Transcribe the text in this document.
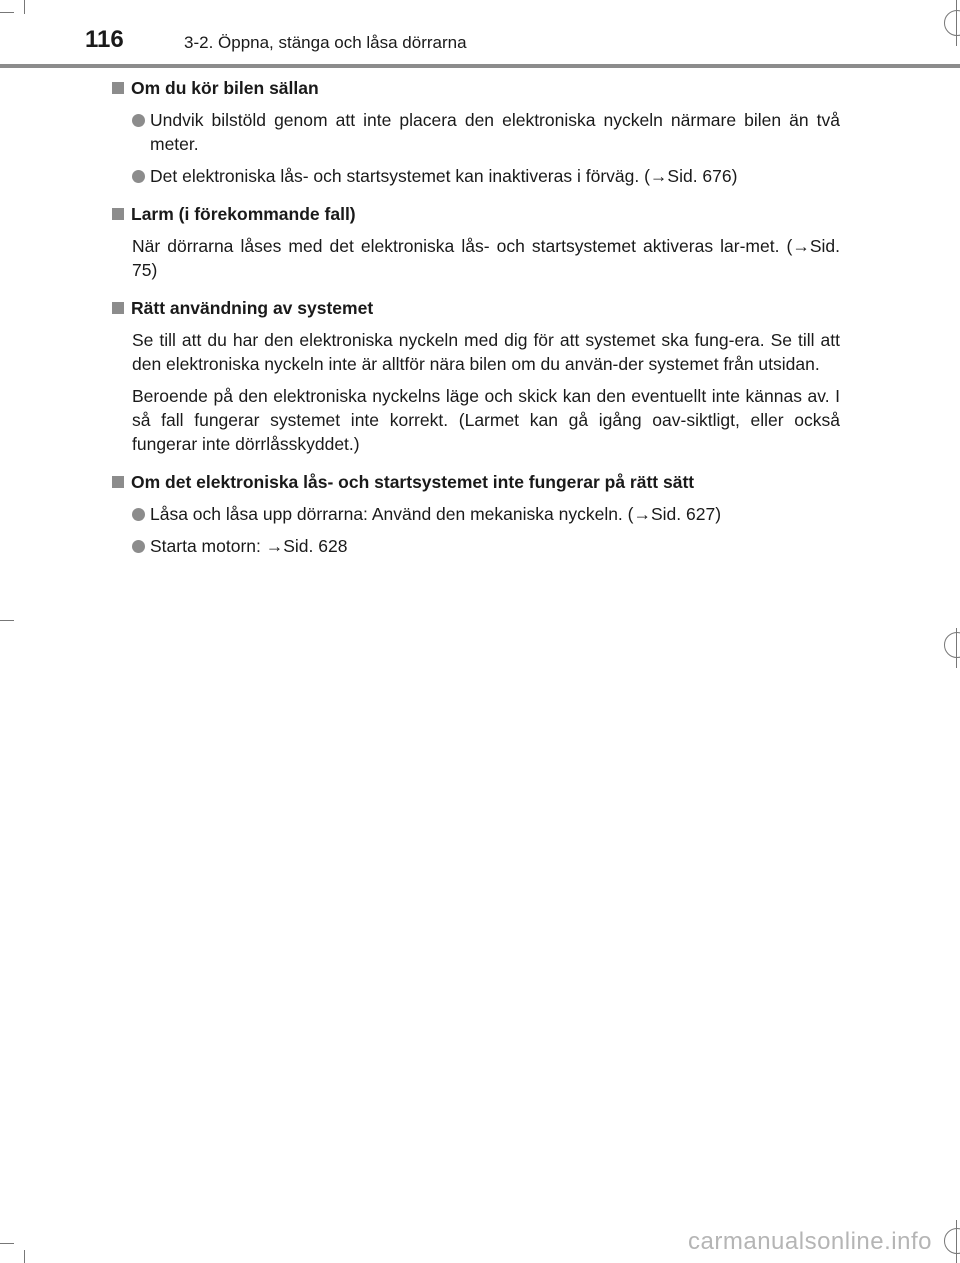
116	3-2. Öppna, stänga och låsa dörrarna
Om du kör bilen sällan
Undvik bilstöld genom att inte placera den elektroniska nyckeln närmare bilen än två meter.
Det elektroniska lås- och startsystemet kan inaktiveras i förväg. (→Sid. 676)
Larm (i förekommande fall)

När dörrarna låses med det elektroniska lås- och startsystemet aktiveras lar-met. (→Sid. 75)

Rätt användning av systemet

Se till att du har den elektroniska nyckeln med dig för att systemet ska fung-era. Se till att den elektroniska nyckeln inte är alltför nära bilen om du använ-der systemet från utsidan.

Beroende på den elektroniska nyckelns läge och skick kan den eventuellt inte kännas av. I så fall fungerar systemet inte korrekt. (Larmet kan gå igång oav-siktligt, eller också fungerar inte dörrlåsskyddet.)

Om det elektroniska lås- och startsystemet inte fungerar på rätt sätt
Låsa och låsa upp dörrarna: Använd den mekaniska nyckeln. (→Sid. 627)
Starta motorn: →Sid. 628
carmanualsonline.info
